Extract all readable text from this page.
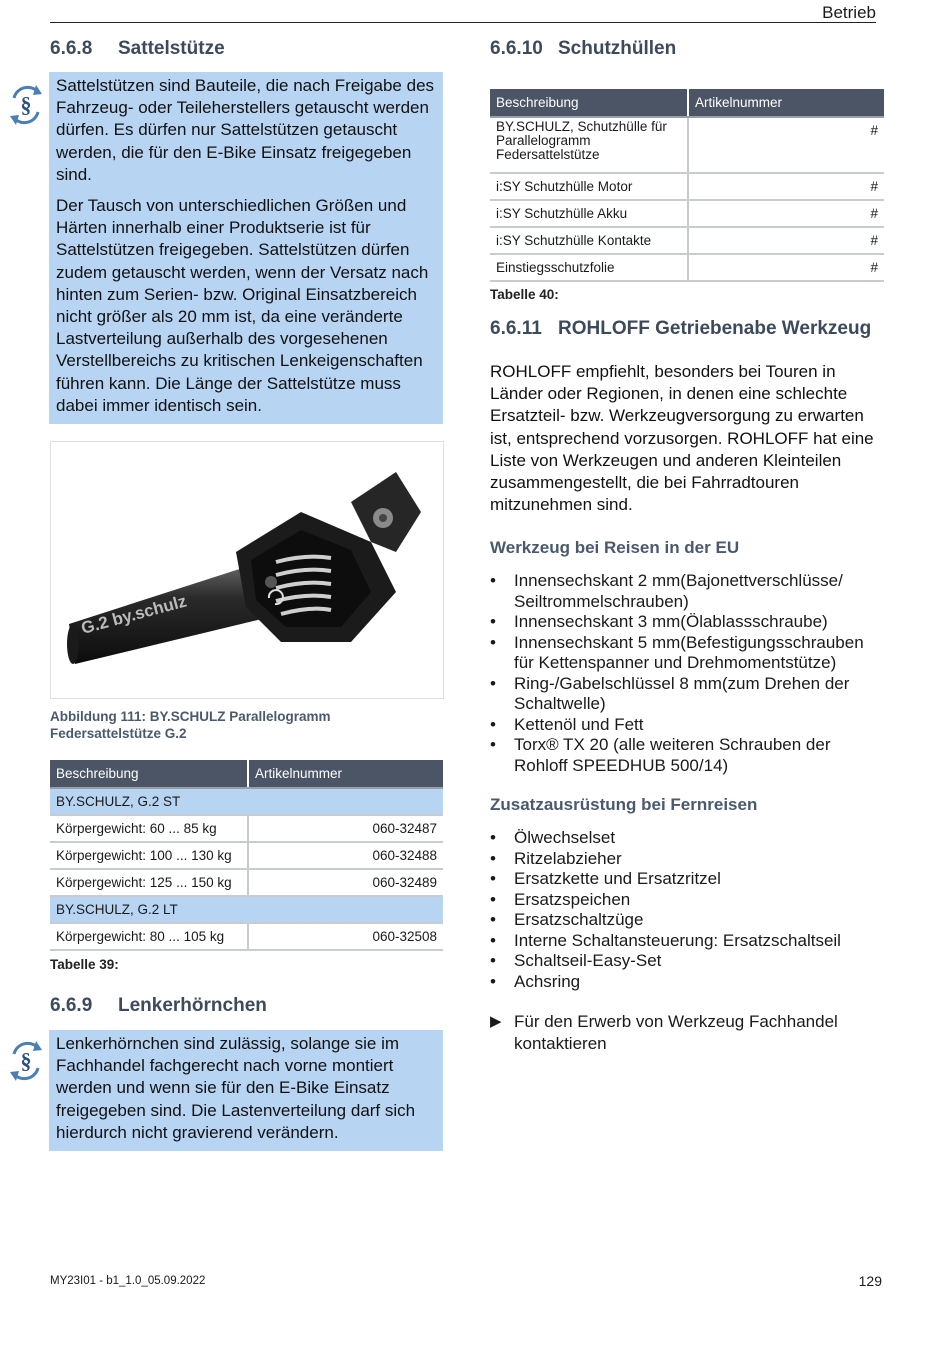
Betrieb
6.6.8 Sattelstütze
§

Sattelstützen sind Bauteile, die nach Freigabe des Fahrzeug- oder Teileherstellers getauscht werden dürfen. Es dürfen nur Sattelstützen getauscht werden, die für den E-Bike Einsatz freigegeben sind.

Der Tausch von unterschiedlichen Größen und Härten innerhalb einer Produktserie ist für Sattelstützen freigegeben. Sattelstützen dürfen zudem getauscht werden, wenn der Versatz nach hinten zum Serien- bzw. Original Einsatzbereich nicht größer als 20 mm ist, da eine veränderte Lastverteilung außerhalb des vorgesehenen Verstellbereichs zu kritischen Lenkeigenschaften führen kann. Die Länge der Sattelstütze muss dabei immer identisch sein.

G.2 by.schulz
Abbildung 111: BY.SCHULZ Parallelogramm Federsattelstütze G.2
Beschreibung	Artikelnummer
BY.SCHULZ, G.2 ST	
Körpergewicht: 60 ... 85 kg	060-32487
Körpergewicht: 100 ... 130 kg	060-32488
Körpergewicht: 125 ... 150 kg	060-32489
BY.SCHULZ, G.2 LT	
Körpergewicht: 80 ... 105 kg	060-32508
Tabelle 39:
6.6.9 Lenkerhörnchen
§

Lenkerhörnchen sind zulässig, solange sie im Fachhandel fachgerecht nach vorne montiert werden und wenn sie für den E-Bike Einsatz freigegeben sind. Die Lastenverteilung darf sich hierdurch nicht gravierend verändern.

6.6.10 Schutzhüllen
Beschreibung	Artikelnummer
BY.SCHULZ, Schutzhülle für Parallelogramm Federsattelstütze	#
i:SY Schutzhülle Motor	#
i:SY Schutzhülle Akku	#
i:SY Schutzhülle Kontakte	#
Einstiegsschutzfolie	#
Tabelle 40:
6.6.11 ROHLOFF Getriebenabe Werkzeug
ROHLOFF empfiehlt, besonders bei Touren in Länder oder Regionen, in denen eine schlechte Ersatzteil- bzw. Werkzeugversorgung zu erwarten ist, entsprechend vorzusorgen. ROHLOFF hat eine Liste von Werkzeugen und anderen Kleinteilen zusammengestellt, die bei Fahrradtouren mitzunehmen sind.
Werkzeug bei Reisen in der EU
• Innensechskant 2 mm(Bajonettverschlüsse/ Seiltrommelschrauben)
• Innensechskant 3 mm(Ölablassschraube)
• Innensechskant 5 mm(Befestigungsschrauben für Kettenspanner und Drehmomentstütze)
• Ring-/Gabelschlüssel 8 mm(zum Drehen der Schaltwelle)
• Kettenöl und Fett
• Torx® TX 20 (alle weiteren Schrauben der Rohloff SPEEDHUB 500/14)
Zusatzausrüstung bei Fernreisen
• Ölwechselset
• Ritzelabzieher
• Ersatzkette und Ersatzritzel
• Ersatzspeichen
• Ersatzschaltzüge
• Interne Schaltansteuerung: Ersatzschaltseil
• Schaltseil-Easy-Set
• Achsring
▶ Für den Erwerb von Werkzeug Fachhandel kontaktieren
MY23I01 - b1_1.0_05.09.2022	129
